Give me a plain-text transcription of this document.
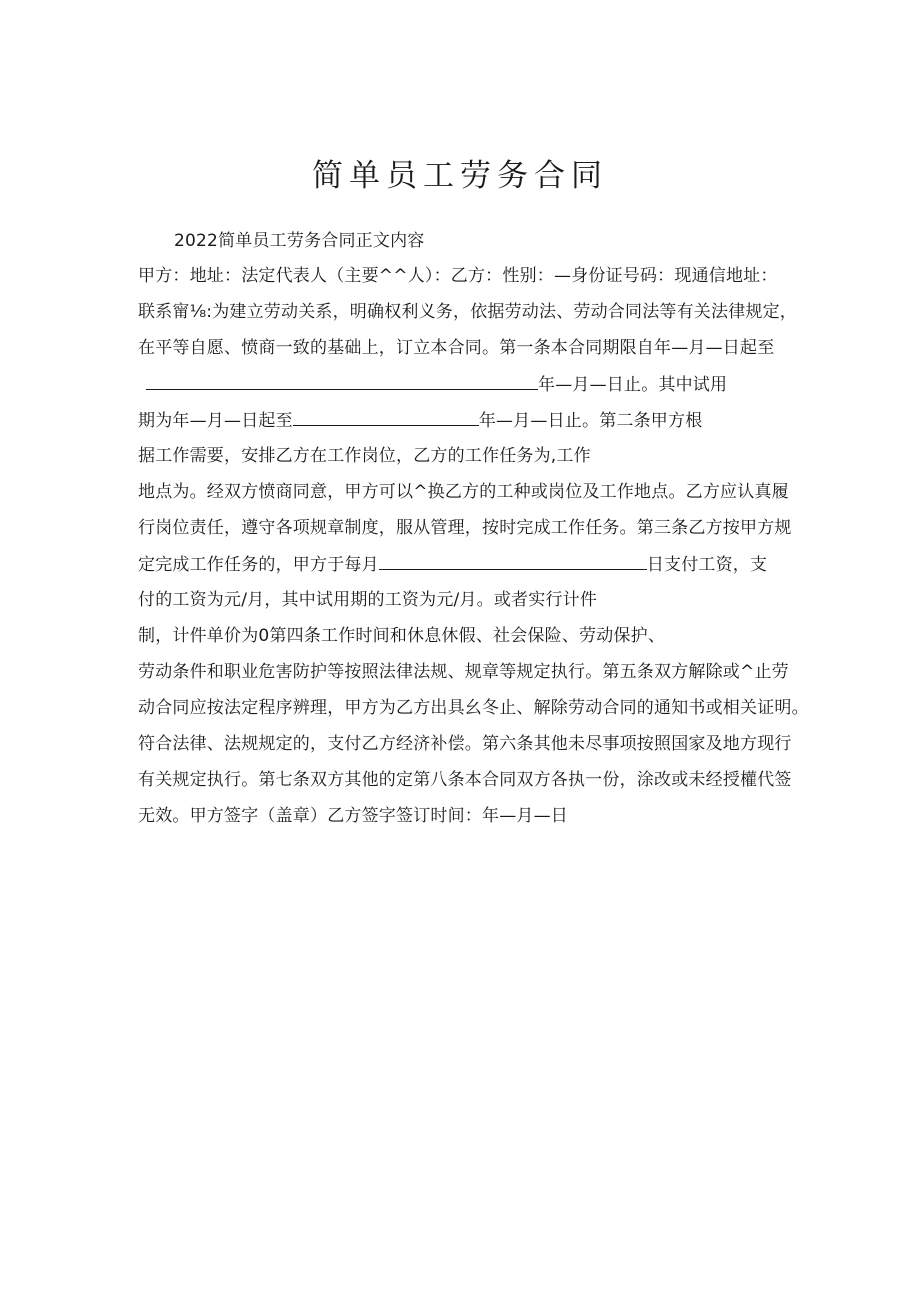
简单员工劳务合同
2022简单员工劳务合同正文内容
甲方：地址：法定代表人（主要^^人）：乙方：性别：—身份证号码：现通信地址：
联系甯⅛:为建立劳动关系，明确权利义务，依据劳动法、劳动合同法等有关法律规定，
在平等自愿、愤商一致的基础上，订立本合同。第一条本合同期限自年—月—日起至
年—月—日止。其中试用
期为年—月—日起至	年—月—日止。第二条甲方根
据工作需要，安排乙方在工作岗位，乙方的工作任务为,工作
地点为。经双方愤商同意，甲方可以^换乙方的工种或岗位及工作地点。乙方应认真履
行岗位责任，遵守各项规章制度，服从管理，按时完成工作任务。第三条乙方按甲方规
定完成工作任务的，甲方于每月	日支付工资，支
付的工资为元/月，其中试用期的工资为元/月。或者实行计件
制，计件单价为0第四条工作时间和休息休假、社会保险、劳动保护、
劳动条件和职业危害防护等按照法律法规、规章等规定执行。第五条双方解除或^止劳
动合同应按法定程序辨理，甲方为乙方出具幺冬止、解除劳动合同的通知书或相关证明。
符合法律、法规规定的，支付乙方经济补偿。第六条其他未尽事项按照国家及地方现行
有关规定执行。第七条双方其他的定第八条本合同双方各执一份，涂改或未经授權代签
无效。甲方签字（盖章）乙方签字签订时间：年—月—日
